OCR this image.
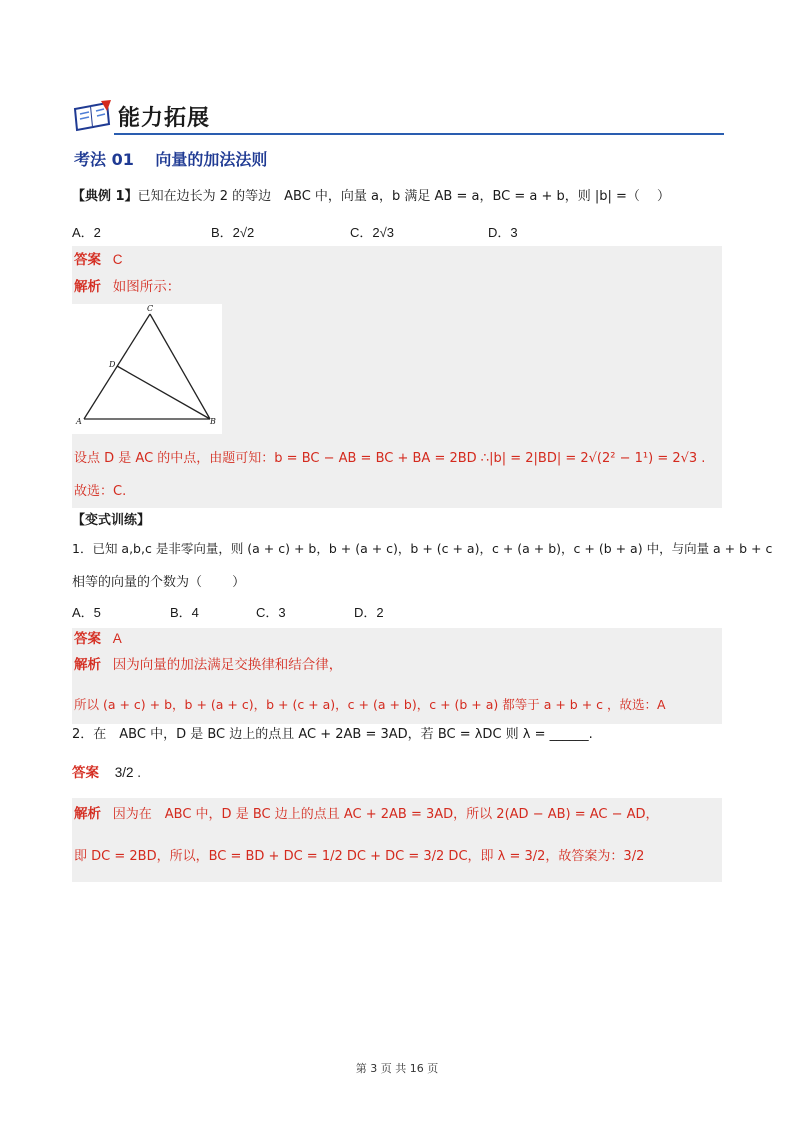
能力拓展
考法 01　 向量的加法法则
【典例 1】已知在边长为 2 的等边　ABC 中，向量 a，b 满足 AB = a，BC = a + b，则 |b| =（　 ）
A．2	B．2√2	C．2√3	D．3
答案 C
解析 如图所示：
A	B
C
D
设点 D 是 AC 的中点，由题可知：b = BC − AB = BC + BA = 2BD ∴|b| = 2|BD| = 2√(2² − 1¹) = 2√3 .
故选：C.
【变式训练】
1．已知 a,b,c 是非零向量，则 (a + c) + b，b + (a + c)，b + (c + a)，c + (a + b)，c + (b + a) 中，与向量 a + b + c
相等的向量的个数为（　　 ）
A．5	B．4	C．3	D．2
答案 A
解析 因为向量的加法满足交换律和结合律，
所以 (a + c) + b，b + (a + c)，b + (c + a)，c + (a + b)，c + (b + a) 都等于 a + b + c ，故选：A
2．在　ABC 中，D 是 BC 边上的点且 AC + 2AB = 3AD，若 BC = λDC 则 λ = ______.
答案 3/2 .
解析 因为在　ABC 中，D 是 BC 边上的点且 AC + 2AB = 3AD，所以 2(AD − AB) = AC − AD，
即 DC = 2BD，所以，BC = BD + DC = 1/2 DC + DC = 3/2 DC，即 λ = 3/2，故答案为：3/2
第 3 页 共 16 页
